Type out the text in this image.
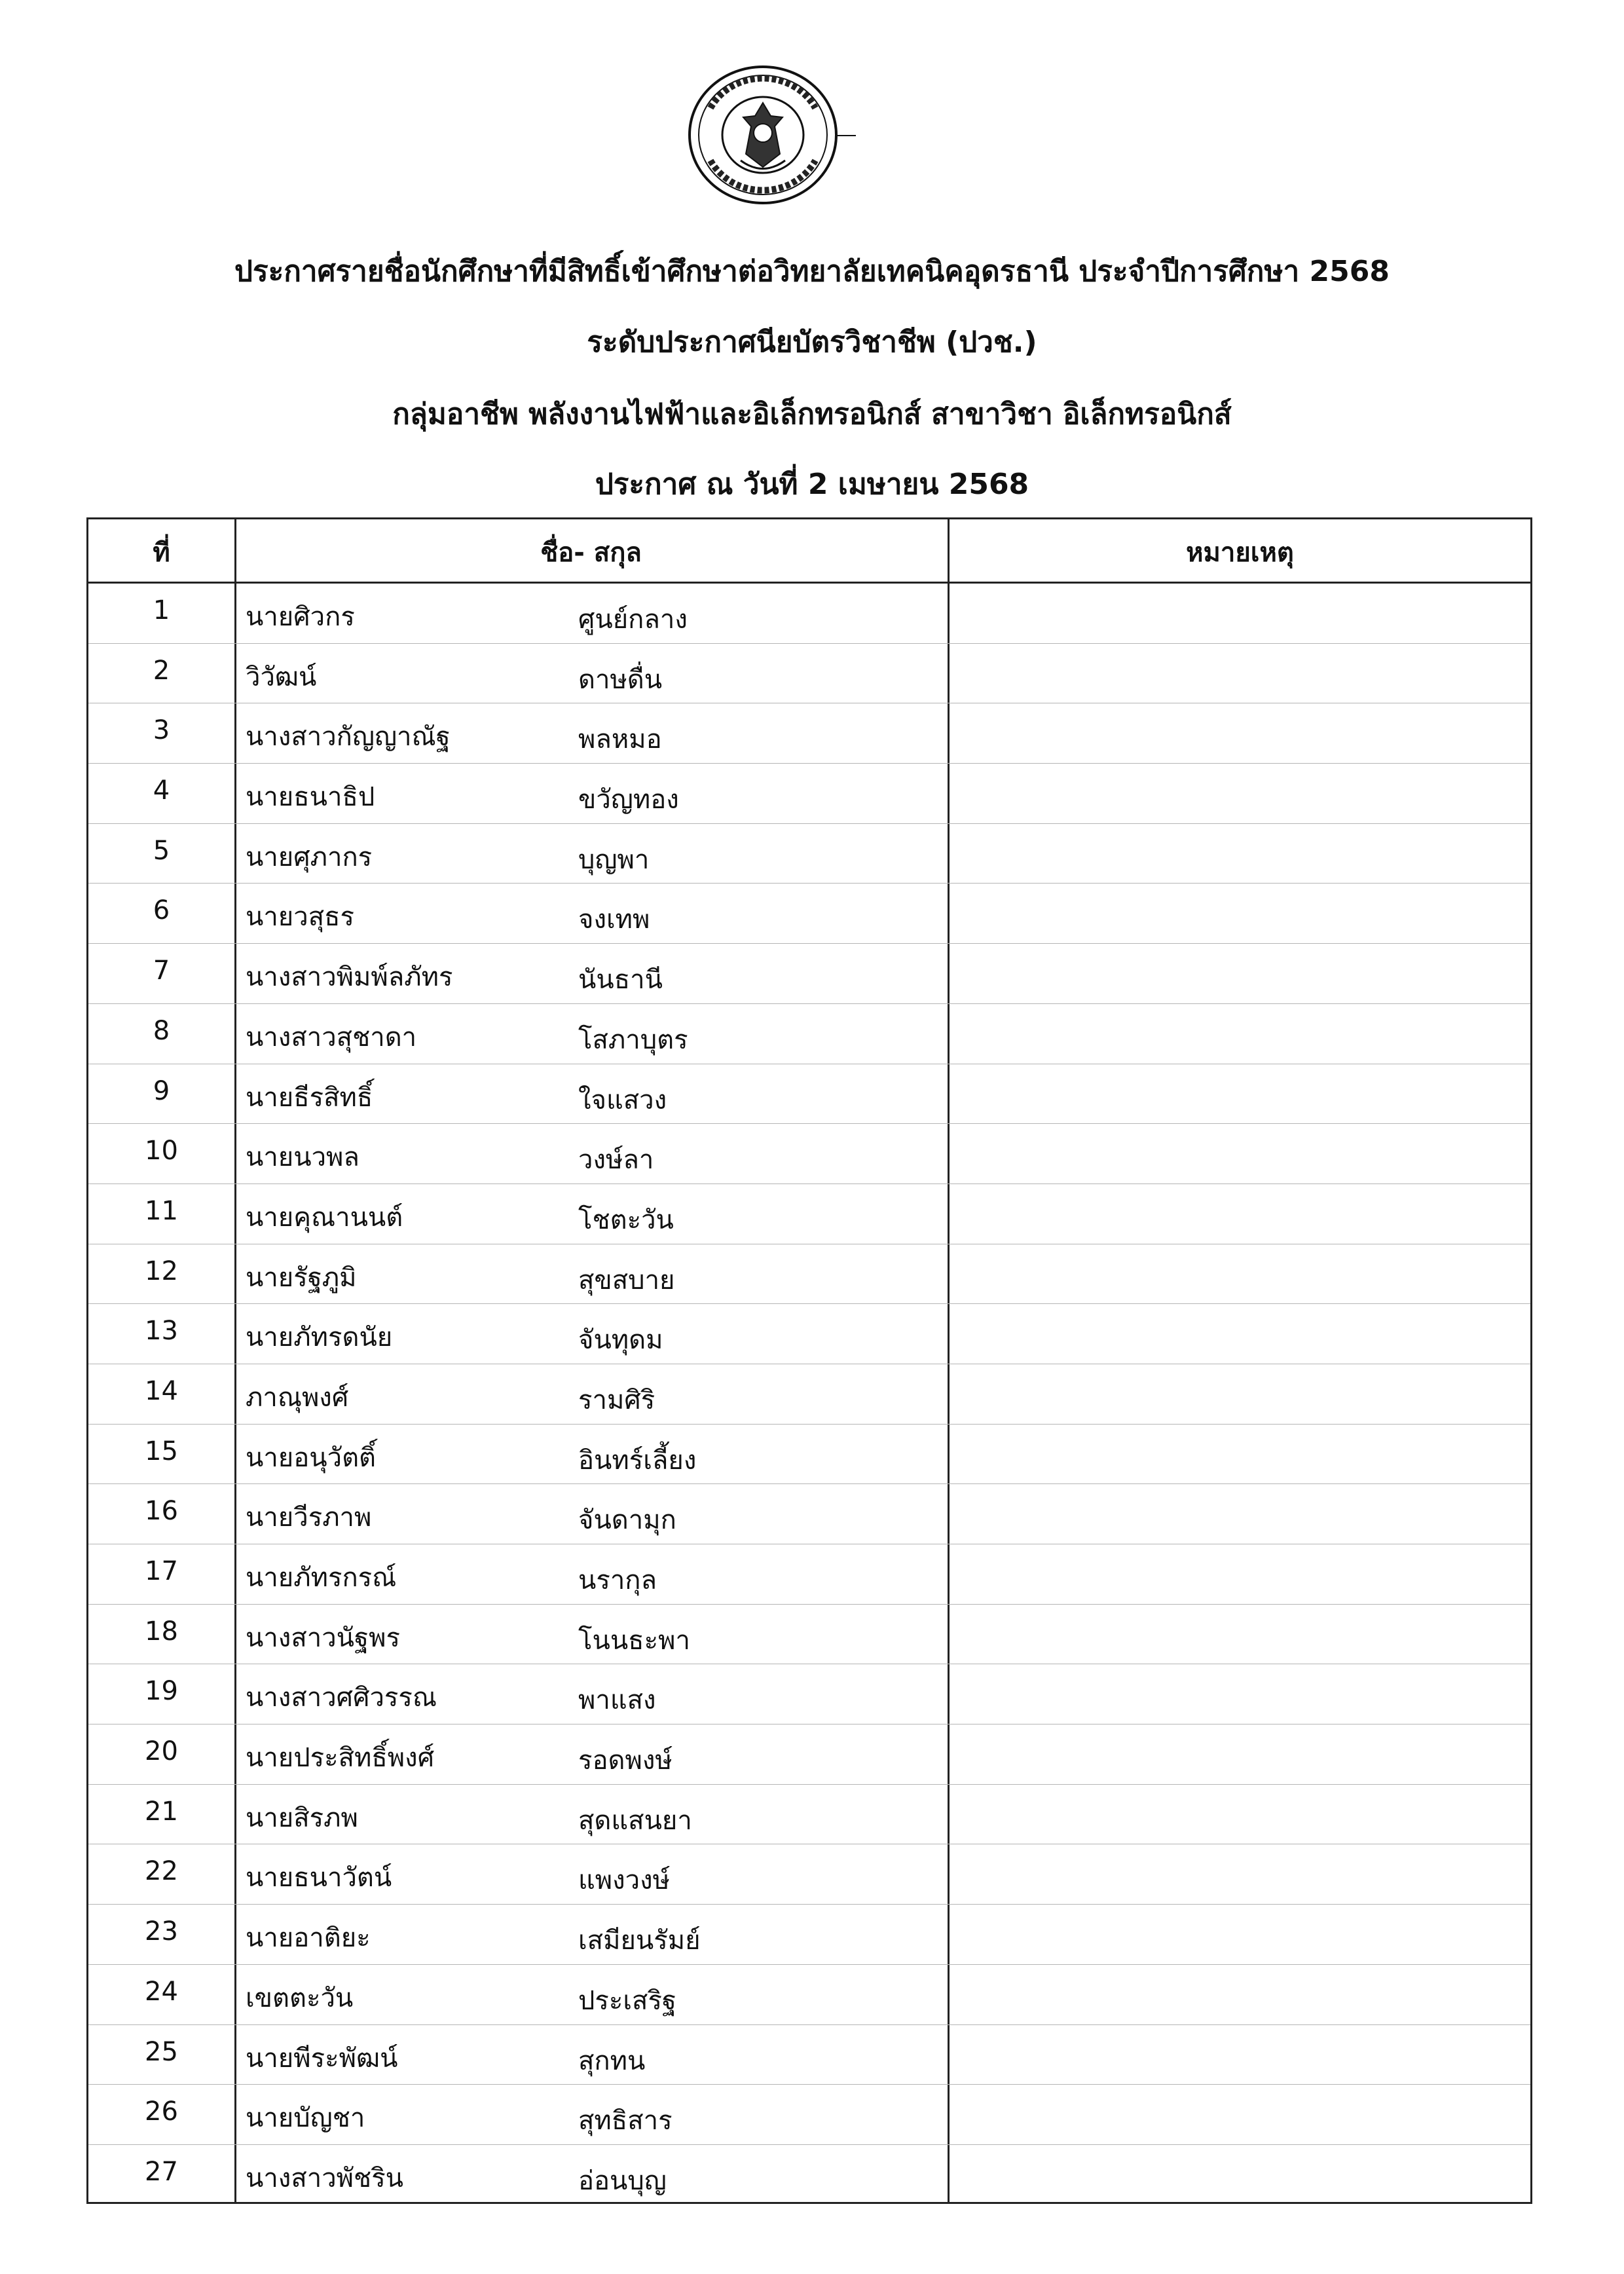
ประกาศรายชื่อนักศึกษาที่มีสิทธิ์เข้าศึกษาต่อวิทยาลัยเทคนิคอุดรธานี ประจำปีการศึกษา 2568
ระดับประกาศนียบัตรวิชาชีพ (ปวช.)
กลุ่มอาชีพ พลังงานไฟฟ้าและอิเล็กทรอนิกส์ สาขาวิชา อิเล็กทรอนิกส์
ประกาศ ณ วันที่ 2 เมษายน 2568
ที่	ชื่อ- สกุล	หมายเหตุ
1	นายศิวกร	ศูนย์กลาง
2	วิวัฒน์	ดาษดื่น
3	นางสาวกัญญาณัฐ	พลหมอ
4	นายธนาธิป	ขวัญทอง
5	นายศุภากร	บุญพา
6	นายวสุธร	จงเทพ
7	นางสาวพิมพ์ลภัทร	นันธานี
8	นางสาวสุชาดา	โสภาบุตร
9	นายธีรสิทธิ์	ใจแสวง
10	นายนวพล	วงษ์ลา
11	นายคุณานนต์	โชตะวัน
12	นายรัฐภูมิ	สุขสบาย
13	นายภัทรดนัย	จันทุดม
14	ภาณุพงศ์	รามศิริ
15	นายอนุวัตติ์	อินทร์เลี้ยง
16	นายวีรภาพ	จันดามุก
17	นายภัทรกรณ์	นรากุล
18	นางสาวนัฐพร	โนนธะพา
19	นางสาวศศิวรรณ	พาแสง
20	นายประสิทธิ์พงศ์	รอดพงษ์
21	นายสิรภพ	สุดแสนยา
22	นายธนาวัตน์	แพงวงษ์
23	นายอาติยะ	เสมียนรัมย์
24	เขตตะวัน	ประเสริฐ
25	นายพีระพัฒน์	สุกทน
26	นายบัญชา	สุทธิสาร
27	นางสาวพัชริน	อ่อนบุญ
